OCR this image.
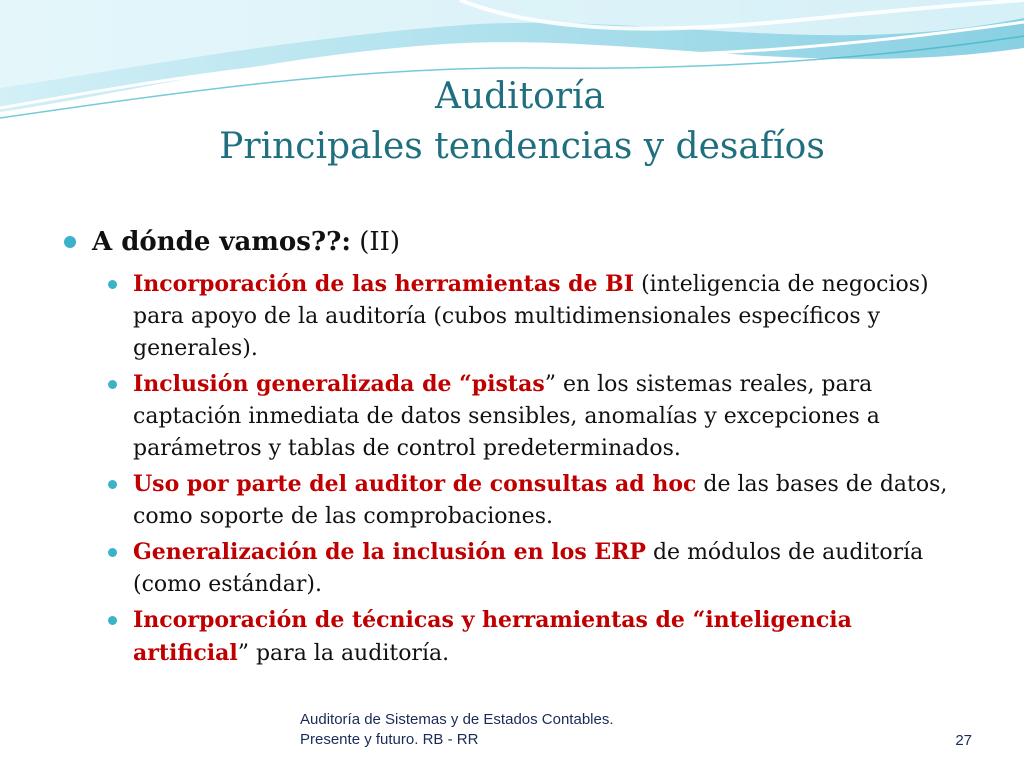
Auditoría
Principales tendencias y desafíos
A dónde vamos??: (II)
Incorporación de las herramientas de BI (inteligencia de negocios) para apoyo de la auditoría (cubos multidimensionales específicos y generales).
Inclusión generalizada de “pistas” en los sistemas reales, para captación inmediata de datos sensibles, anomalías y excepciones a parámetros y tablas de control predeterminados.
Uso por parte del auditor de consultas ad hoc de las bases de datos, como soporte de las comprobaciones.
Generalización de la inclusión en los ERP de módulos de auditoría (como estándar).
Incorporación de técnicas y herramientas de “inteligencia artificial” para la auditoría.
Auditoría de Sistemas y de Estados Contables.
Presente y futuro. RB - RR	27
